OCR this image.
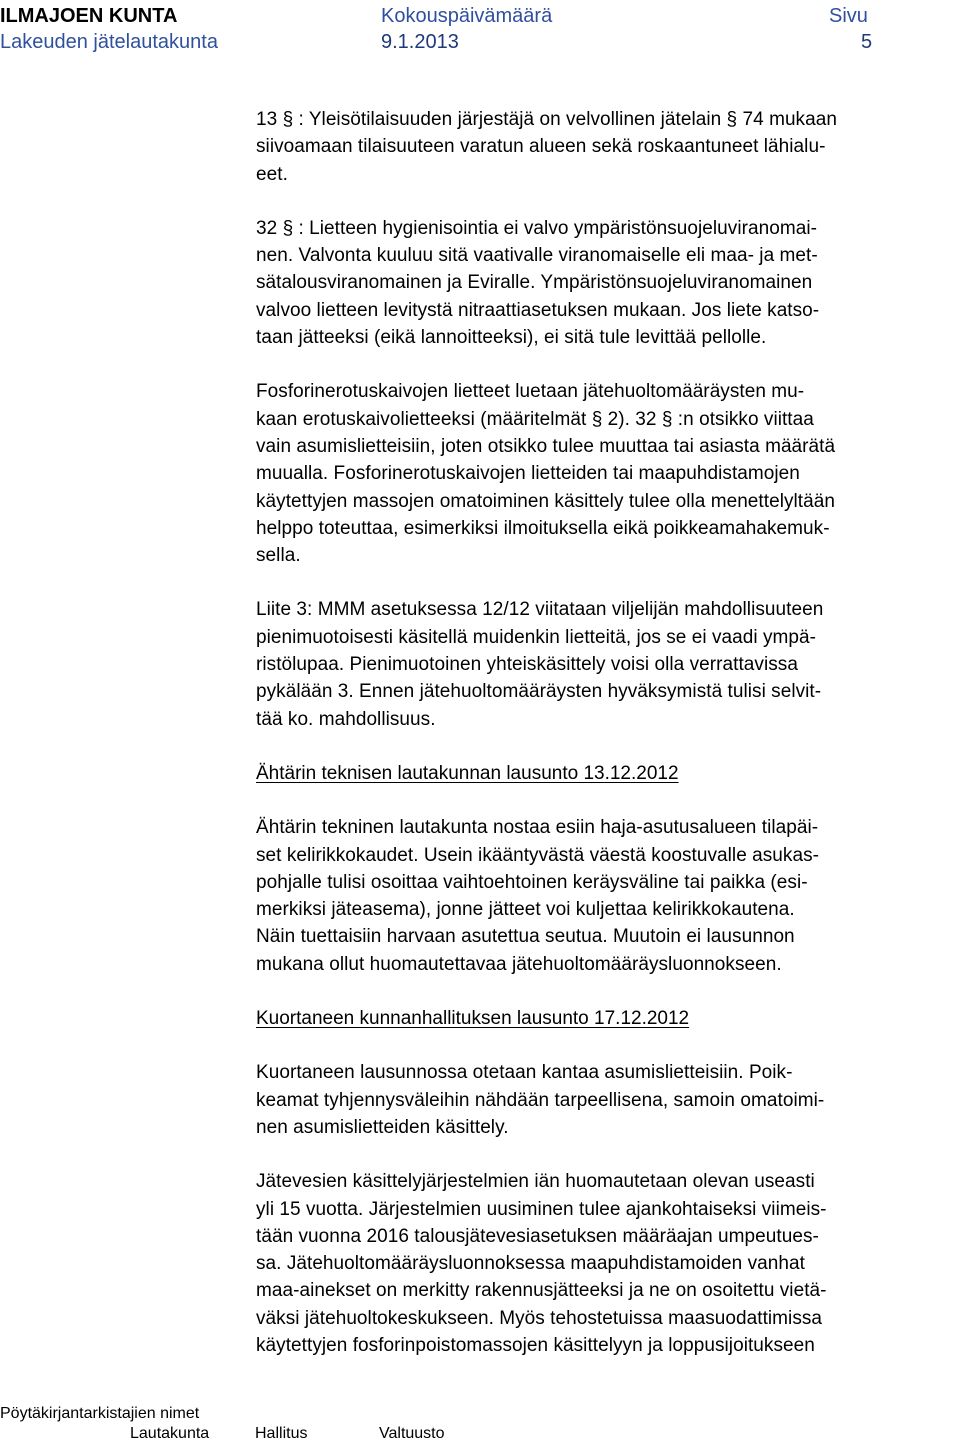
ILMAJOEN KUNTA
Lakeuden jätelautakunta
Kokouspäivämäärä
9.1.2013
Sivu
5

13 § : Yleisötilaisuuden järjestäjä on velvollinen jätelain § 74 mukaan
siivoamaan tilaisuuteen varatun alueen sekä roskaantuneet lähialu-
eet.

32 § : Lietteen hygienisointia ei valvo ympäristönsuojeluviranomai-
nen. Valvonta kuuluu sitä vaativalle viranomaiselle eli maa- ja met-
sätalousviranomainen ja Eviralle. Ympäristönsuojeluviranomainen
valvoo lietteen levitystä nitraattiasetuksen mukaan. Jos liete katso-
taan jätteeksi (eikä lannoitteeksi), ei sitä tule levittää pellolle.

Fosforinerotuskaivojen lietteet luetaan jätehuoltomääräysten mu-
kaan erotuskaivolietteeksi (määritelmät § 2). 32 § :n otsikko viittaa
vain asumislietteisiin, joten otsikko tulee muuttaa tai asiasta määrätä
muualla. Fosforinerotuskaivojen lietteiden tai maapuhdistamojen
käytettyjen massojen omatoiminen käsittely tulee olla menettelyltään
helppo toteuttaa, esimerkiksi ilmoituksella eikä poikkeamahakemuk-
sella.

Liite 3: MMM asetuksessa 12/12 viitataan viljelijän mahdollisuuteen
pienimuotoisesti käsitellä muidenkin lietteitä, jos se ei vaadi ympä-
ristölupaa. Pienimuotoinen yhteiskäsittely voisi olla verrattavissa
pykälään 3. Ennen jätehuoltomääräysten hyväksymistä tulisi selvit-
tää ko. mahdollisuus.

Ähtärin teknisen lautakunnan lausunto 13.12.2012

Ähtärin tekninen lautakunta nostaa esiin haja-asutusalueen tilapäi-
set kelirikkokaudet. Usein ikääntyvästä väestä koostuvalle asukas-
pohjalle tulisi osoittaa vaihtoehtoinen keräysväline tai paikka (esi-
merkiksi jäteasema), jonne jätteet voi kuljettaa kelirikkokautena.
Näin tuettaisiin harvaan asutettua seutua. Muutoin ei lausunnon
mukana ollut huomautettavaa jätehuoltomääräysluonnokseen.

Kuortaneen kunnanhallituksen lausunto 17.12.2012

Kuortaneen lausunnossa otetaan kantaa asumislietteisiin. Poik-
keamat tyhjennysväleihin nähdään tarpeellisena, samoin omatoimi-
nen asumislietteiden käsittely.

Jätevesien käsittelyjärjestelmien iän huomautetaan olevan useasti
yli 15 vuotta. Järjestelmien uusiminen tulee ajankohtaiseksi viimeis-
tään vuonna 2016 talousjätevesiasetuksen määräajan umpeutues-
sa. Jätehuoltomääräysluonnoksessa maapuhdistamoiden vanhat
maa-ainekset on merkitty rakennusjätteeksi ja ne on osoitettu vietä-
väksi jätehuoltokeskukseen. Myös tehostetuissa maasuodattimissa
käytettyjen fosforinpoistomassojen käsittelyyn ja loppusijoitukseen

Pöytäkirjantarkistajien nimet
Lautakunta	Hallitus	Valtuusto
